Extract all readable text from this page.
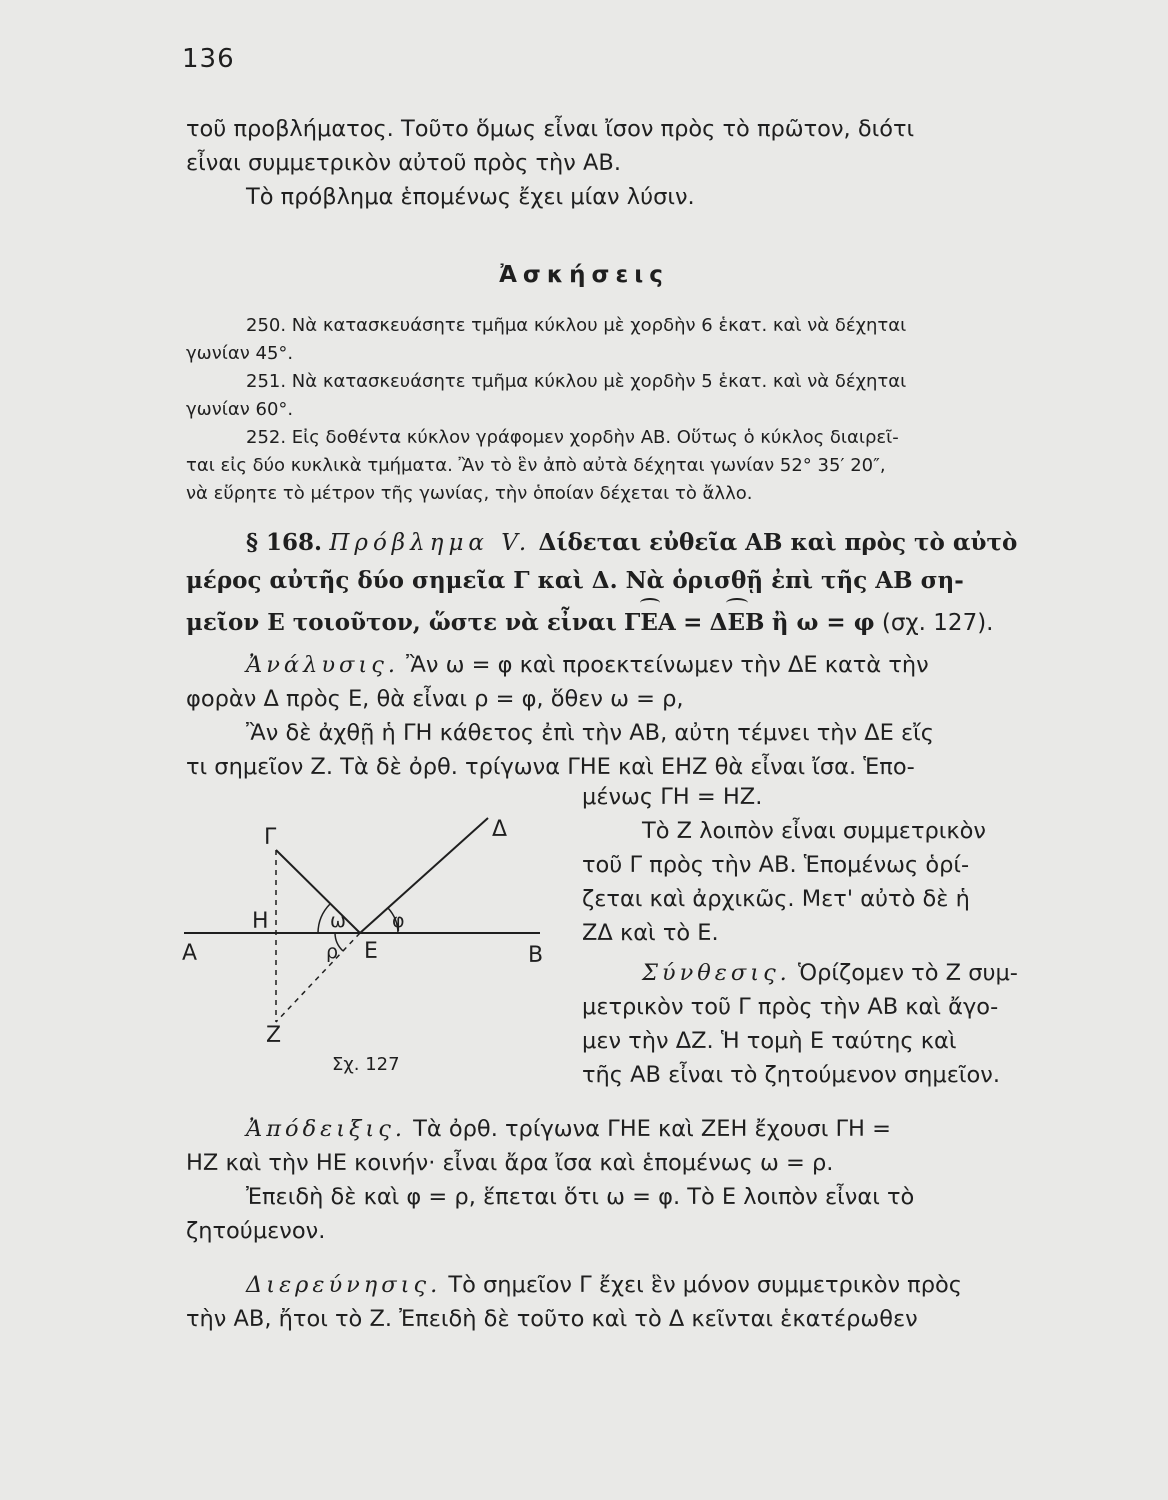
136
τοῦ προβλήματος. Τοῦτο ὅμως εἶναι ἴσον πρὸς τὸ πρῶτον, διότι
εἶναι συμμετρικὸν αὐτοῦ πρὸς τὴν ΑΒ.
Τὸ πρόβλημα ἑπομένως ἔχει μίαν λύσιν.
Ἀσκήσεις
250. Νὰ κατασκευάσητε τμῆμα κύκλου μὲ χορδὴν 6 ἑκατ. καὶ νὰ δέχηται
γωνίαν 45°.
251. Νὰ κατασκευάσητε τμῆμα κύκλου μὲ χορδὴν 5 ἑκατ. καὶ νὰ δέχηται
γωνίαν 60°.
252. Εἰς δοθέντα κύκλον γράφομεν χορδὴν ΑΒ. Οὕτως ὁ κύκλος διαιρεῖ-
ται εἰς δύο κυκλικὰ τμήματα. Ἂν τὸ ἓν ἀπὸ αὐτὰ δέχηται γωνίαν 52° 35′ 20″,
νὰ εὕρητε τὸ μέτρον τῆς γωνίας, τὴν ὁποίαν δέχεται τὸ ἄλλο.
§ 168. Πρόβλημα V. Δίδεται εὐθεῖα ΑΒ καὶ πρὸς τὸ αὐτὸ
μέρος αὐτῆς δύο σημεῖα Γ καὶ Δ. Νὰ ὁρισθῇ ἐπὶ τῆς ΑΒ ση-
μεῖον Ε τοιοῦτον, ὥστε νὰ εἶναι ΓΕΑ = ΔΕΒ ἢ ω = φ (σχ. 127).
Ἀνάλυσις. Ἂν ω = φ καὶ προεκτείνωμεν τὴν ΔΕ κατὰ τὴν
φορὰν Δ πρὸς Ε, θὰ εἶναι ρ = φ, ὅθεν ω = ρ,
Ἂν δὲ ἀχθῇ ἡ ΓΗ κάθετος ἐπὶ τὴν ΑΒ, αὐτη τέμνει τὴν ΔΕ εἴς
τι σημεῖον Ζ. Τὰ δὲ ὀρθ. τρίγωνα ΓΗΕ καὶ ΕΗΖ θὰ εἶναι ἴσα. Ἑπο-
μένως ΓΗ = ΗΖ.
Τὸ Ζ λοιπὸν εἶναι συμμετρικὸν
τοῦ Γ πρὸς τὴν ΑΒ. Ἑπομένως ὁρί-
ζεται καὶ ἀρχικῶς. Μετ' αὐτὸ δὲ ἡ
ΖΔ καὶ τὸ Ε.
Σύνθεσις. Ὁρίζομεν τὸ Ζ συμ-
μετρικὸν τοῦ Γ πρὸς τὴν ΑΒ καὶ ἄγο-
μεν τὴν ΔΖ. Ἡ τομὴ Ε ταύτης καὶ
τῆς ΑΒ εἶναι τὸ ζητούμενον σημεῖον.
Γ	Δ
Η
Α	Β
Ε
Ζ
ω φ
ρ
Σχ. 127
Ἀπόδειξις. Τὰ ὀρθ. τρίγωνα ΓΗΕ καὶ ΖΕΗ ἔχουσι ΓΗ =
ΗΖ καὶ τὴν ΗΕ κοινήν· εἶναι ἄρα ἴσα καὶ ἑπομένως ω = ρ.
Ἐπειδὴ δὲ καὶ φ = ρ, ἕπεται ὅτι ω = φ. Τὸ Ε λοιπὸν εἶναι τὸ
ζητούμενον.
Διερεύνησις. Τὸ σημεῖον Γ ἔχει ἓν μόνον συμμετρικὸν πρὸς
τὴν ΑΒ, ἤτοι τὸ Ζ. Ἐπειδὴ δὲ τοῦτο καὶ τὸ Δ κεῖνται ἑκατέρωθεν
